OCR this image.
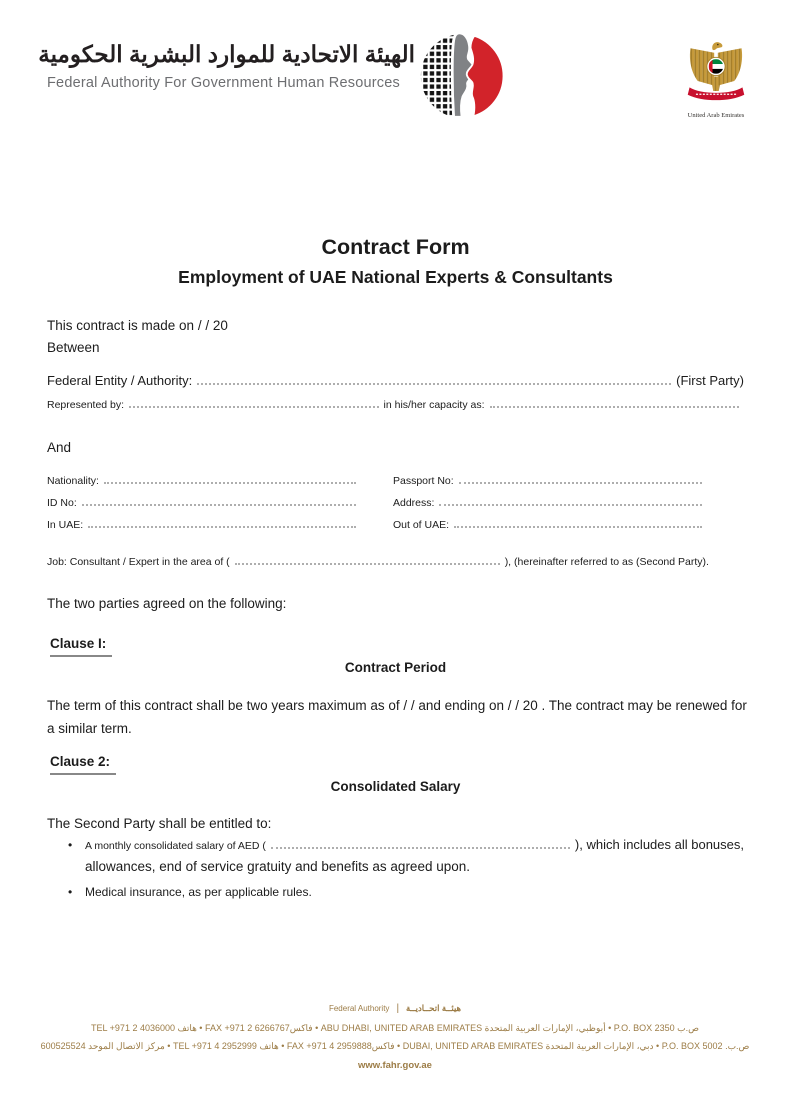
الهيئة الاتحادية للموارد البشرية الحكومية
Federal Authority For Government Human Resources
United Arab Emirates
Contract Form
Employment of UAE National Experts & Consultants
This contract is made on / / 20
Between
Federal Entity / Authority:	(First Party)
Represented by:	in his/her capacity as:
And
Nationality:	Passport No:
ID No:	Address:
In UAE:	Out of UAE:
Job: Consultant / Expert in the area of (	), (hereinafter referred to as (Second Party).
The two parties agreed on the following:
Clause I:
Contract Period
The term of this contract shall be two years maximum as of / / and ending on / / 20 . The contract may be renewed for a similar term.
Clause 2:
Consolidated Salary
The Second Party shall be entitled to:
•	A monthly consolidated salary of AED (	), which includes all bonuses,
allowances, end of service gratuity and benefits as agreed upon.
•	Medical insurance, as per applicable rules.
Federal Authority | هيئــة اتحــاديــة
ص.ب ‎P.O. BOX 2350‎ • أبوظبي، الإمارات العربية المتحدة ‎ABU DHABI, UNITED ARAB EMIRATES‎ • فاكس‎FAX +971 2 6266767‎ • هاتف ‎TEL +971 2 4036000‎
ص.ب. ‎P.O. BOX 5002‎ • دبي، الإمارات العربية المتحدة ‎DUBAI, UNITED ARAB EMIRATES‎ • فاكس‎FAX +971 4 2959888‎ • هاتف ‎TEL +971 4 2952999‎ • مركز الاتصال الموحد ‎600525524‎
www.fahr.gov.ae
